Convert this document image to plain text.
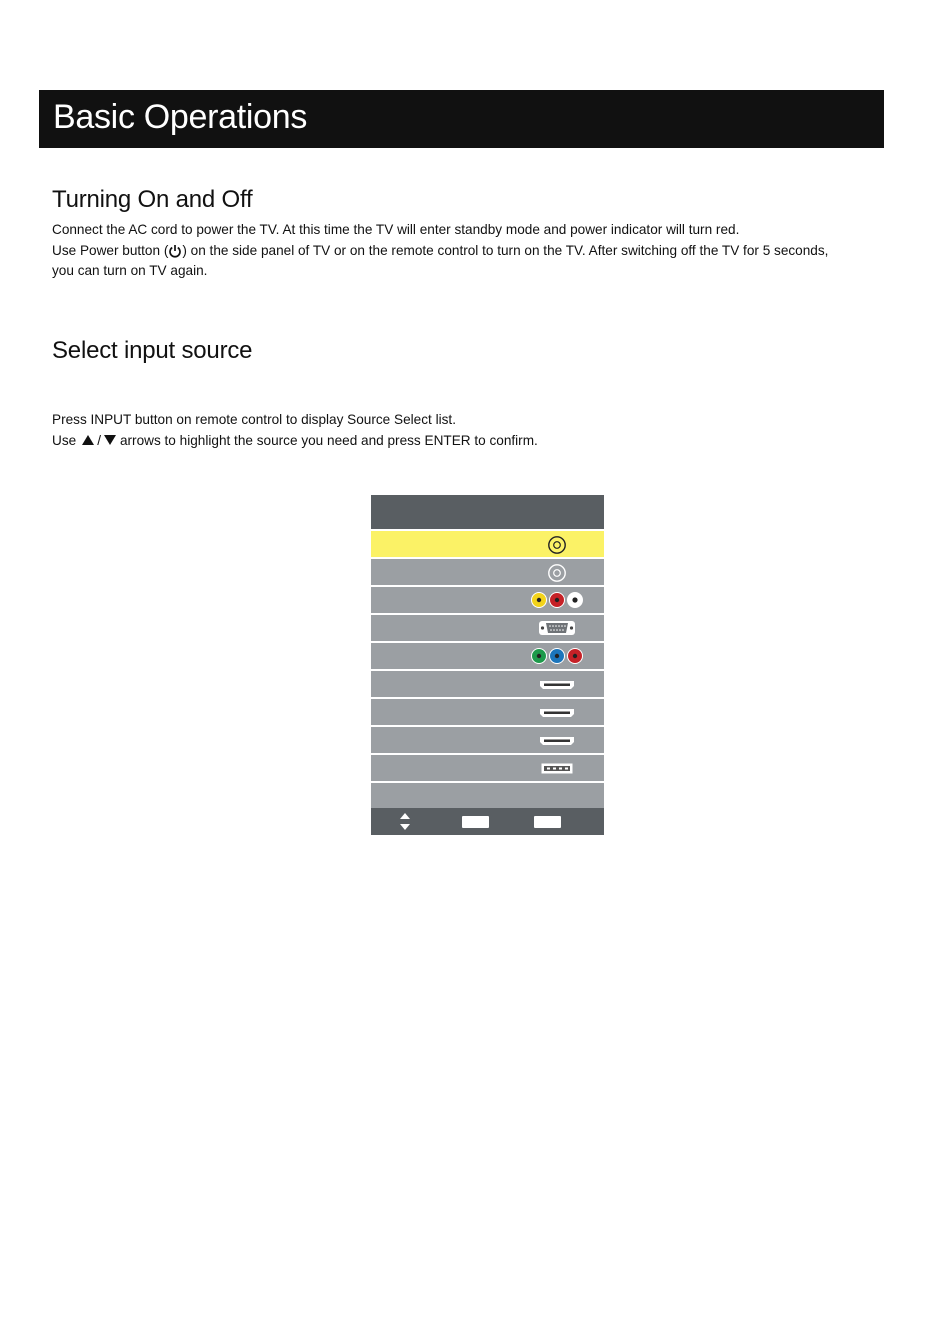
Basic Operations
Turning On and Off
Connect the AC cord to power the TV. At this time the TV will enter standby mode and power indicator will turn red.
Use Power button ( ) on the side panel of TV or on the remote control to turn on the TV. After switching off the TV for 5 seconds,
you can turn on TV again.
Select input source
Press INPUT button on remote control to display Source Select list.
Use / arrows to highlight the source you need and press ENTER to confirm.
